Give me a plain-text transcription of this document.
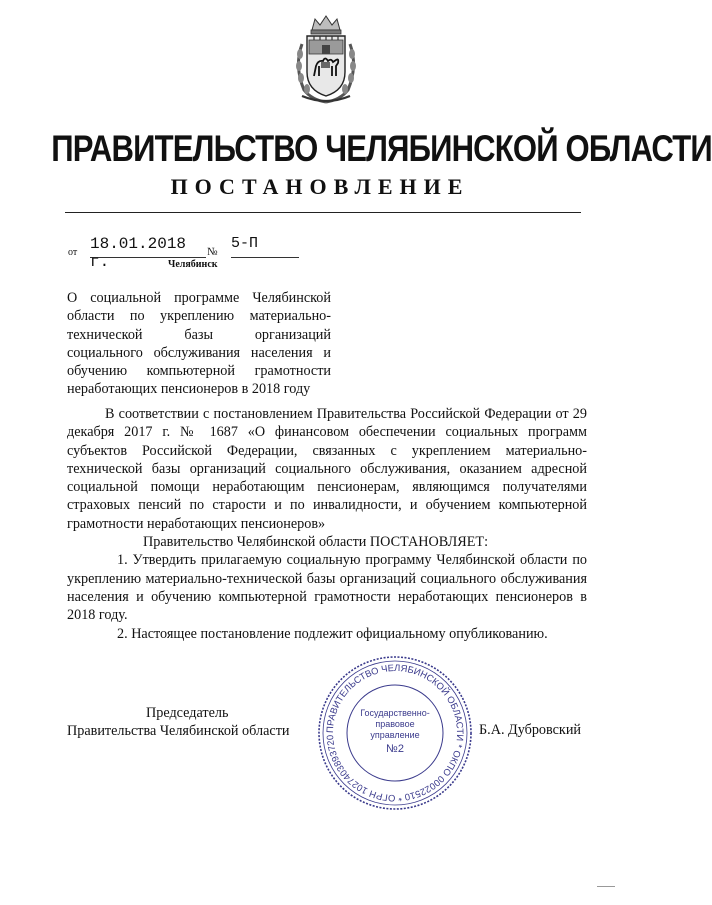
ПРАВИТЕЛЬСТВО ЧЕЛЯБИНСКОЙ ОБЛАСТИ
ПОСТАНОВЛЕНИЕ
от 18.01.2018 г.
№ 5-П
Челябинск
О социальной программе Челябинской
области по укреплению материально-
технической базы организаций
социального обслуживания населения и
обучению компьютерной грамотности
неработающих пенсионеров в 2018 году

В соответствии с постановлением Правительства Российской Федерации от 29 декабря 2017 г. № 1687 «О финансовом обеспечении социальных программ субъектов Российской Федерации, связанных с укреплением материально-технической базы организаций социального обслуживания, оказанием адресной социальной помощи неработающим пенсионерам, являющимся получателями страховых пенсий по старости и по инвалидности, и обучением компьютерной грамотности неработающих пенсионеров»

Правительство Челябинской области ПОСТАНОВЛЯЕТ:

1. Утвердить прилагаемую социальную программу Челябинской области по укреплению материально-технической базы организаций социального обслуживания населения и обучению компьютерной грамотности неработающих пенсионеров в 2018 году.

2. Настоящее постановление подлежит официальному опубликованию.

Председатель
Правительства Челябинской области	Б.А. Дубровский
ПРАВИТЕЛЬСТВО ЧЕЛЯБИНСКОЙ ОБЛАСТИ * ОКПО 00022510 * ОГРН 1027403893720
Государственно-
правовое
управление
№2
